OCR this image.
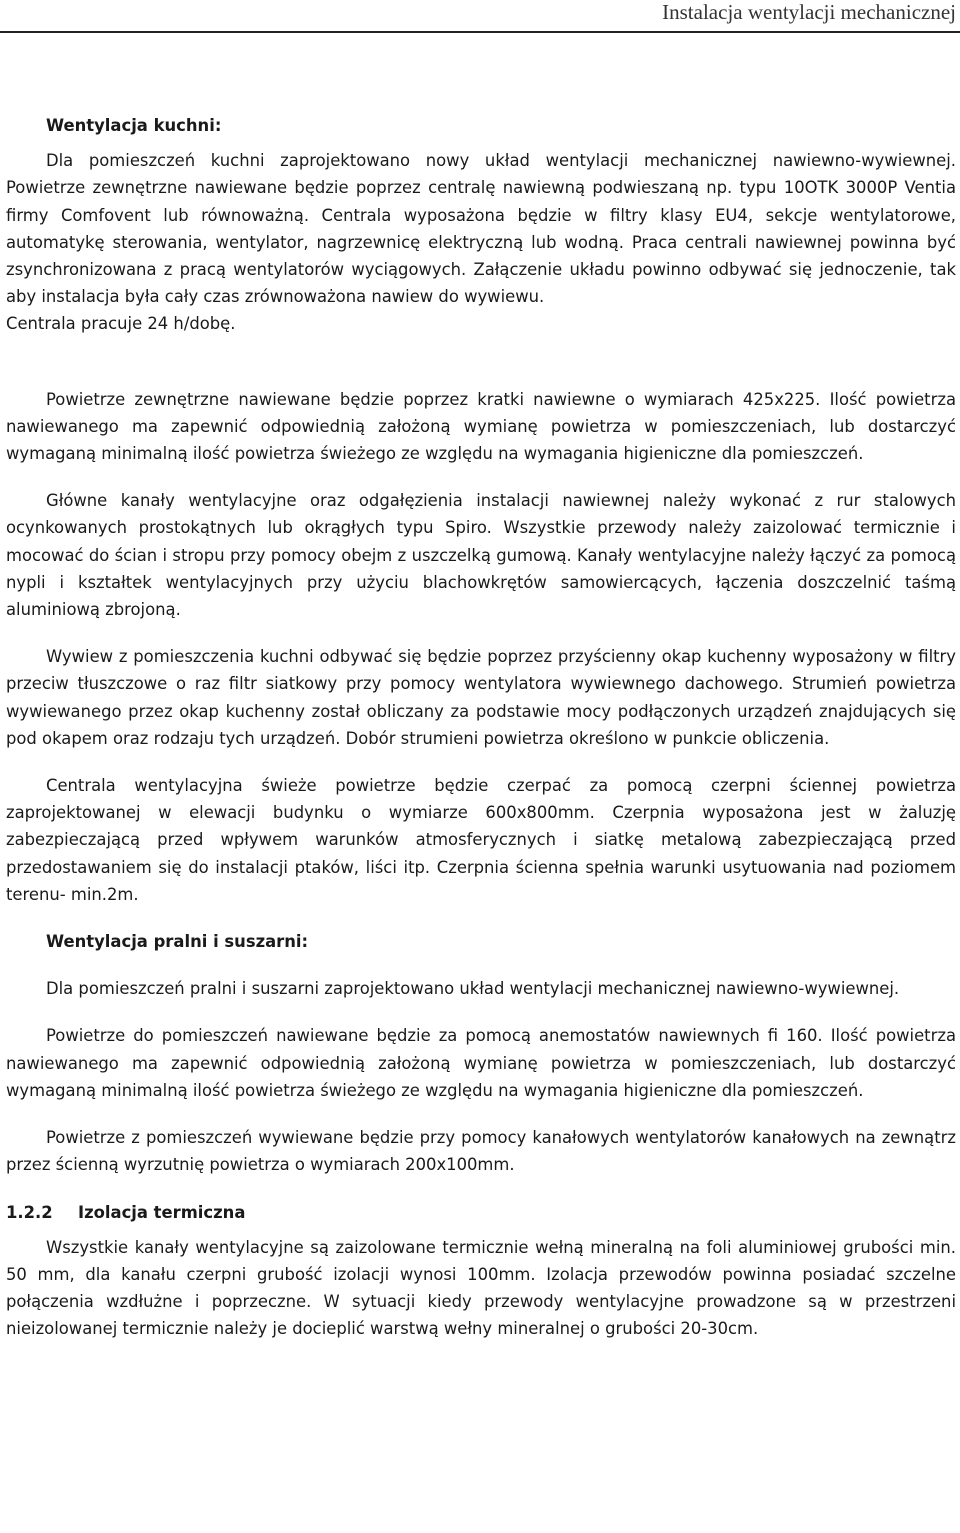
Instalacja wentylacji mechanicznej

Wentylacja kuchni:

Dla pomieszczeń kuchni zaprojektowano nowy układ wentylacji mechanicznej nawiewno-wywiewnej. Powietrze zewnętrzne nawiewane będzie poprzez centralę nawiewną podwieszaną np. typu 10OTK 3000P Ventia firmy Comfovent lub równoważną. Centrala wyposażona będzie w filtry klasy EU4, sekcje wentylatorowe, automatykę sterowania, wentylator, nagrzewnicę elektryczną lub wodną. Praca centrali nawiewnej powinna być zsynchronizowana z pracą wentylatorów wyciągowych. Załączenie układu powinno odbywać się jednoczenie, tak aby instalacja była cały czas zrównoważona nawiew do wywiewu.

Centrala pracuje 24 h/dobę.

Powietrze zewnętrzne nawiewane będzie poprzez kratki nawiewne o wymiarach 425x225. Ilość powietrza nawiewanego ma zapewnić odpowiednią założoną wymianę powietrza w pomieszczeniach, lub dostarczyć wymaganą minimalną ilość powietrza świeżego ze względu na wymagania higieniczne dla pomieszczeń.

Główne kanały wentylacyjne oraz odgałęzienia instalacji nawiewnej należy wykonać z rur stalowych ocynkowanych prostokątnych lub okrągłych typu Spiro. Wszystkie przewody należy zaizolować termicznie i mocować do ścian i stropu przy pomocy obejm z uszczelką gumową. Kanały wentylacyjne należy łączyć za pomocą nypli i kształtek wentylacyjnych przy użyciu blachowkrętów samowiercących, łączenia doszczelnić taśmą aluminiową zbrojoną.

Wywiew z pomieszczenia kuchni odbywać się będzie poprzez przyścienny okap kuchenny wyposażony w filtry przeciw tłuszczowe o raz filtr siatkowy przy pomocy wentylatora wywiewnego dachowego. Strumień powietrza wywiewanego przez okap kuchenny został obliczany za podstawie mocy podłączonych urządzeń znajdujących się pod okapem oraz rodzaju tych urządzeń. Dobór strumieni powietrza określono w punkcie obliczenia.

Centrala wentylacyjna świeże powietrze będzie czerpać za pomocą czerpni ściennej powietrza zaprojektowanej w elewacji budynku o wymiarze 600x800mm. Czerpnia wyposażona jest w żaluzję zabezpieczającą przed wpływem warunków atmosferycznych i siatkę metalową zabezpieczającą przed przedostawaniem się do instalacji ptaków, liści itp. Czerpnia ścienna spełnia warunki usytuowania nad poziomem terenu- min.2m.

Wentylacja pralni i suszarni:

Dla pomieszczeń pralni i suszarni zaprojektowano układ wentylacji mechanicznej nawiewno-wywiewnej.

Powietrze do pomieszczeń nawiewane będzie za pomocą anemostatów nawiewnych fi 160. Ilość powietrza nawiewanego ma zapewnić odpowiednią założoną wymianę powietrza w pomieszczeniach, lub dostarczyć wymaganą minimalną ilość powietrza świeżego ze względu na wymagania higieniczne dla pomieszczeń.

Powietrze z pomieszczeń wywiewane będzie przy pomocy kanałowych wentylatorów kanałowych na zewnątrz przez ścienną wyrzutnię powietrza o wymiarach 200x100mm.

1.2.2 Izolacja termiczna

Wszystkie kanały wentylacyjne są zaizolowane termicznie wełną mineralną na foli aluminiowej grubości min. 50 mm, dla kanału czerpni grubość izolacji wynosi 100mm. Izolacja przewodów powinna posiadać szczelne połączenia wzdłużne i poprzeczne. W sytuacji kiedy przewody wentylacyjne prowadzone są w przestrzeni nieizolowanej termicznie należy je docieplić warstwą wełny mineralnej o grubości 20-30cm.
